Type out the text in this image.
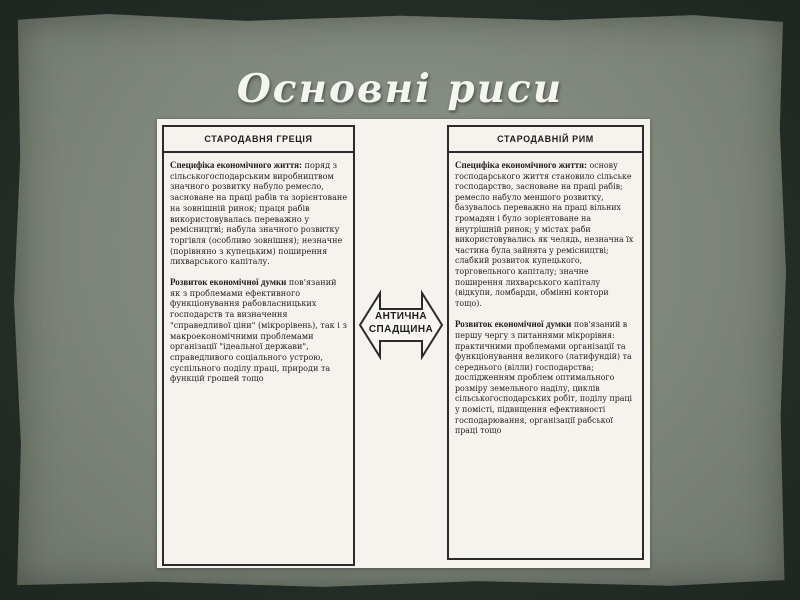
Основні риси
СТАРОДАВНЯ ГРЕЦІЯ
Специфіка економічного життя: поряд з сільськогосподарським виробництвом значного розвитку набуло ремесло, засноване на праці рабів та зорієнтоване на зовнішній ринок; праця рабів використовувалась переважно у ремісництві; набула значного розвитку торгівля (особливо зовнішня); незначне (порівняно з купецьким) поширення лихварського капіталу.
Розвиток економічної думки пов'язаний як з проблемами ефективного функціонування рабовласницьких господарств та визначення "справедливої ціни" (мікрорівень), так і з макроекономічними проблемами організації "ідеальної держави", справедливого соціального устрою, суспільного поділу праці, природи та функцій грошей тощо
АНТИЧНА
СПАДЩИНА
СТАРОДАВНІЙ РИМ
Специфіка економічного життя: основу господарського життя становило сільське господарство, засноване на праці рабів; ремесло набуло меншого розвитку, базувалось переважно на праці вільних громадян і було зорієнтоване на внутрішній ринок; у містах раби використовувались як челядь, незначна їх частина була зайнята у ремісництві; слабкий розвиток купецького, торговельного капіталу; значне поширення лихварського капіталу (відкупи, ломбарди, обмінні контори тощо).
Розвиток економічної думки пов'язаний в першу чергу з питаннями мікрорівня: практичними проблемами організації та функціонування великого (латифундій) та середнього (вілли) господарства; дослідженням проблем оптимального розміру земельного наділу, циклів сільськогосподарських робіт, поділу праці у помісті, підвищення ефективності господарювання, організації рабської праці тощо
